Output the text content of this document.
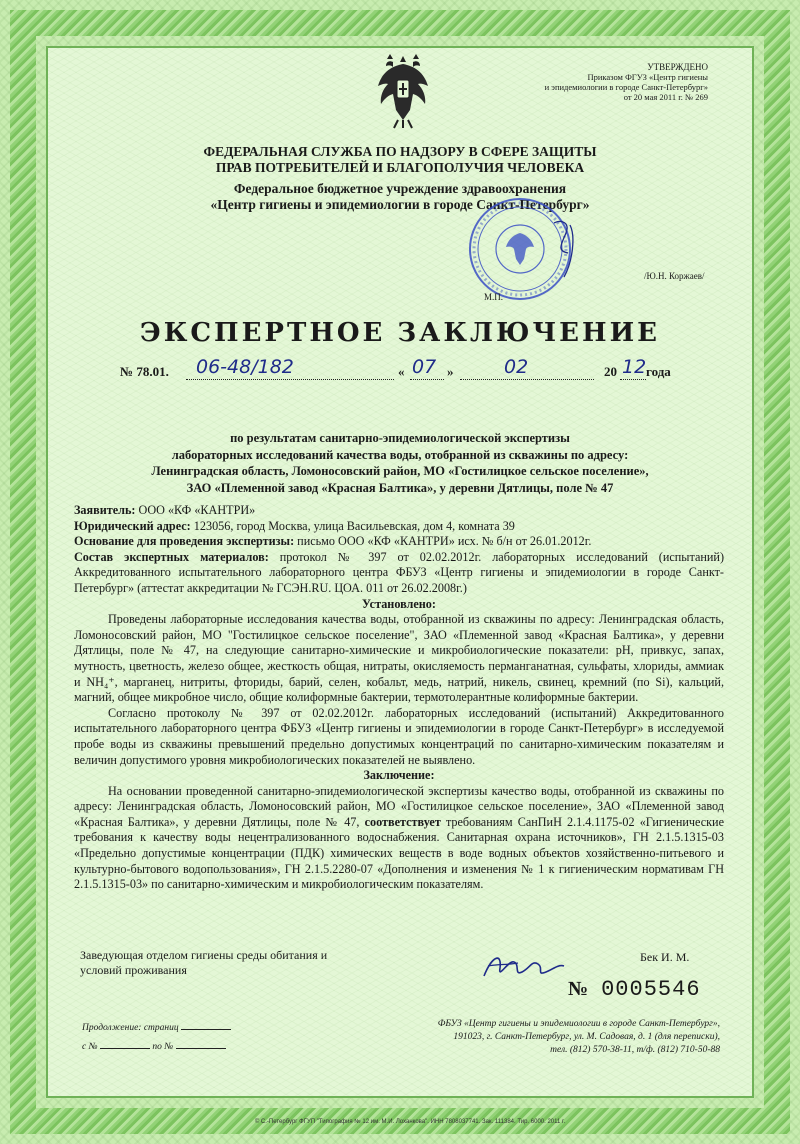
УТВЕРЖДЕНО
Приказом ФГУЗ «Центр гигиены
и эпидемиологии в городе Санкт-Петербург»
от 20 мая 2011 г. № 269
ФЕДЕРАЛЬНАЯ СЛУЖБА ПО НАДЗОРУ В СФЕРЕ ЗАЩИТЫ
ПРАВ ПОТРЕБИТЕЛЕЙ И БЛАГОПОЛУЧИЯ ЧЕЛОВЕКА
Федеральное бюджетное учреждение здравоохранения
«Центр гигиены и эпидемиологии в городе Санкт-Петербург»
/Ю.Н. Коржаев/
М.П.
ЭКСПЕРТНОЕ ЗАКЛЮЧЕНИЕ
№ 78.01. 06-48/182	« 07 »	02	20 12 года
по результатам санитарно-эпидемиологической экспертизы
лабораторных исследований качества воды, отобранной из скважины по адресу:
Ленинградская область, Ломоносовский район, МО «Гостилицкое сельское поселение»,
ЗАО «Племенной завод «Красная Балтика», у деревни Дятлицы, поле № 47

Заявитель: ООО «КФ «КАНТРИ»

Юридический адрес: 123056, город Москва, улица Васильевская, дом 4, комната 39

Основание для проведения экспертизы: письмо ООО «КФ «КАНТРИ» исх. № б/н от 26.01.2012г.

Состав экспертных материалов: протокол № 397 от 02.02.2012г. лабораторных исследований (испытаний) Аккредитованного испытательного лабораторного центра ФБУЗ «Центр гигиены и эпидемиологии в городе Санкт-Петербург» (аттестат аккредитации № ГСЭН.RU. ЦОА. 011 от 26.02.2008г.)

Установлено:

Проведены лабораторные исследования качества воды, отобранной из скважины по адресу: Ленинградская область, Ломоносовский район, МО "Гостилицкое сельское поселение", ЗАО «Племенной завод «Красная Балтика», у деревни Дятлицы, поле № 47, на следующие санитарно-химические и микробиологические показатели: рН, привкус, запах, мутность, цветность, железо общее, жесткость общая, нитраты, окисляемость перманганатная, сульфаты, хлориды, аммиак и NH₄⁺, марганец, нитриты, фториды, барий, селен, кобальт, медь, натрий, никель, свинец, кремний (по Si), кальций, магний, общее микробное число, общие колиформные бактерии, термотолерантные колиформные бактерии.

Согласно протоколу № 397 от 02.02.2012г. лабораторных исследований (испытаний) Аккредитованного испытательного лабораторного центра ФБУЗ «Центр гигиены и эпидемиологии в городе Санкт-Петербург» в исследуемой пробе воды из скважины превышений предельно допустимых концентраций по санитарно-химическим показателям и величин допустимого уровня микробиологических показателей не выявлено.

Заключение:

На основании проведенной санитарно-эпидемиологической экспертизы качество воды, отобранной из скважины по адресу: Ленинградская область, Ломоносовский район, МО «Гостилицкое сельское поселение», ЗАО «Племенной завод «Красная Балтика», у деревни Дятлицы, поле № 47, соответствует требованиям СанПиН 2.1.4.1175-02 «Гигиенические требования к качеству воды нецентрализованного водоснабжения. Санитарная охрана источников», ГН 2.1.5.1315-03 «Предельно допустимые концентрации (ПДК) химических веществ в воде водных объектов хозяйственно-питьевого и культурно-бытового водопользования», ГН 2.1.5.2280-07 «Дополнения и изменения № 1 к гигиеническим нормативам ГН 2.1.5.1315-03» по санитарно-химическим и микробиологическим показателям.

Заведующая отделом гигиены среды обитания и
условий проживания
Бек И. М.
№ 0005546
Продолжение: страниц
с №	по №
ФБУЗ «Центр гигиены и эпидемиологии в городе Санкт-Петербург»,
191023, г. Санкт-Петербург, ул. М. Садовая, д. 1 (для переписки),
тел. (812) 570-38-11, т/ф. (812) 710-50-88
© С.-Петербург ФГУП "Типография № 12 им. М.И. Лоханкова". ИНН 7808037741. Зак. 111384. Тир. 6000. 2011 г.
